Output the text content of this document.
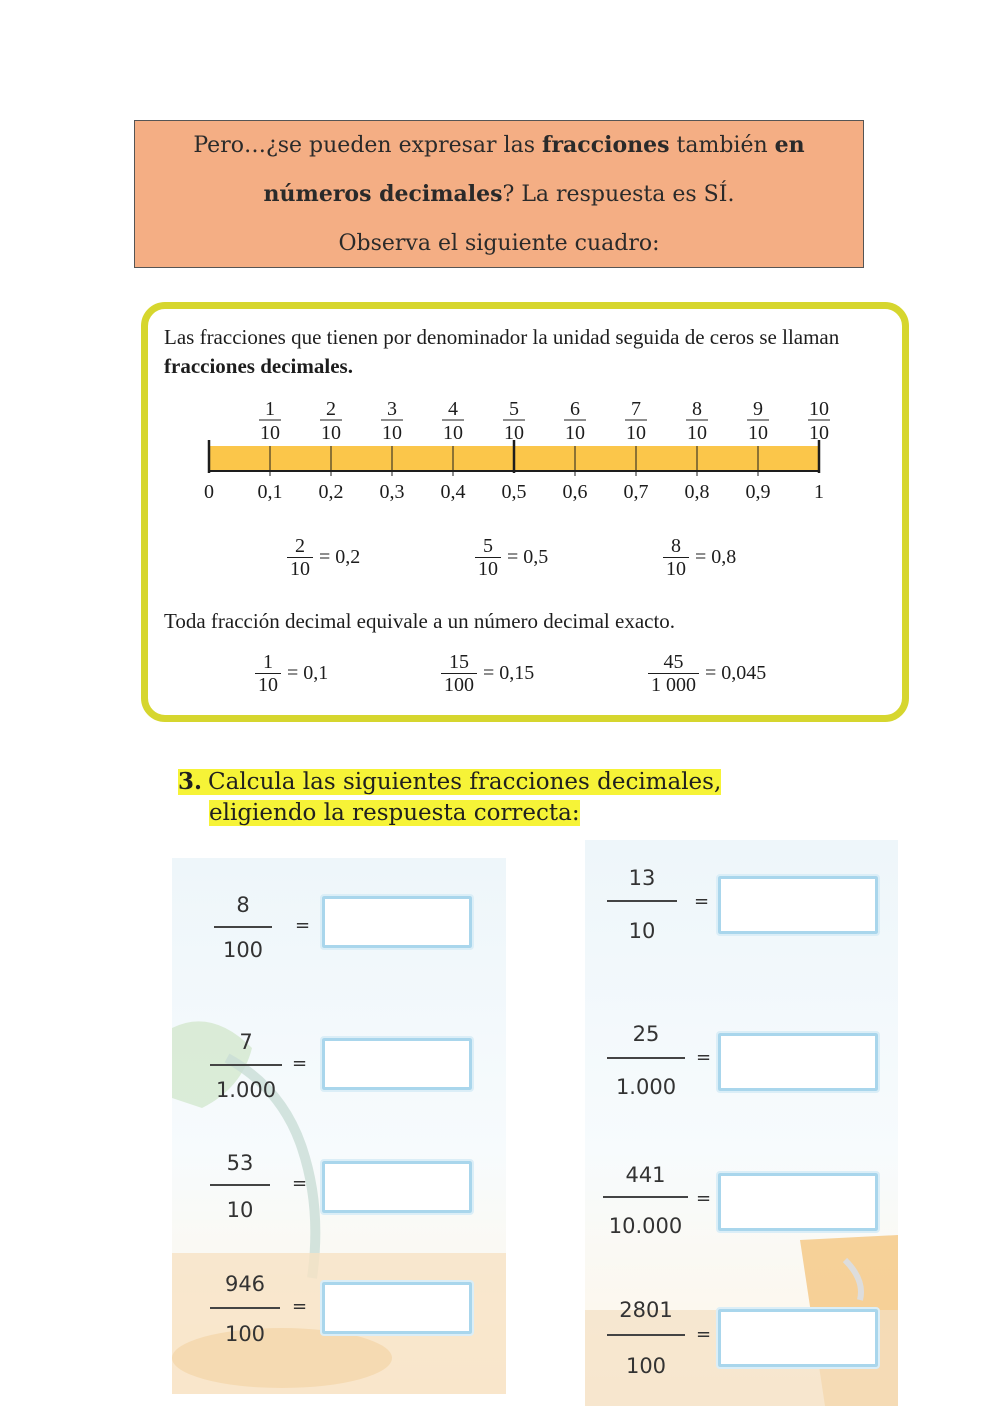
Pero…¿se pueden expresar las fracciones también en
números decimales? La respuesta es SÍ.
Observa el siguiente cuadro:
Las fracciones que tienen por denominador la unidad seguida de ceros se llaman fracciones decimales.
0 0,1 0,2 0,3 0,4 0,5 0,6 0,7 0,8 0,9 1
1
10
2
10
3
10
4
10
5
10
6
10
7
10
8
10
9
10
10
10
$\frac{2}{10} = 0,2$	$\frac{5}{10} = 0,5$	$\frac{8}{10} = 0,8$
Toda fracción decimal equivale a un número decimal exacto.
$\frac{1}{10} = 0,1$	$\frac{15}{100} = 0,15$	$\frac{45}{1 000} = 0,045$
3. Calcula las siguientes fracciones decimales,
eligiendo la respuesta correcta:
8
100
=
7
1.000
=
53
10
=
946
100
=
13
10
=
25
1.000
=
441
10.000
=
2801
100
=
